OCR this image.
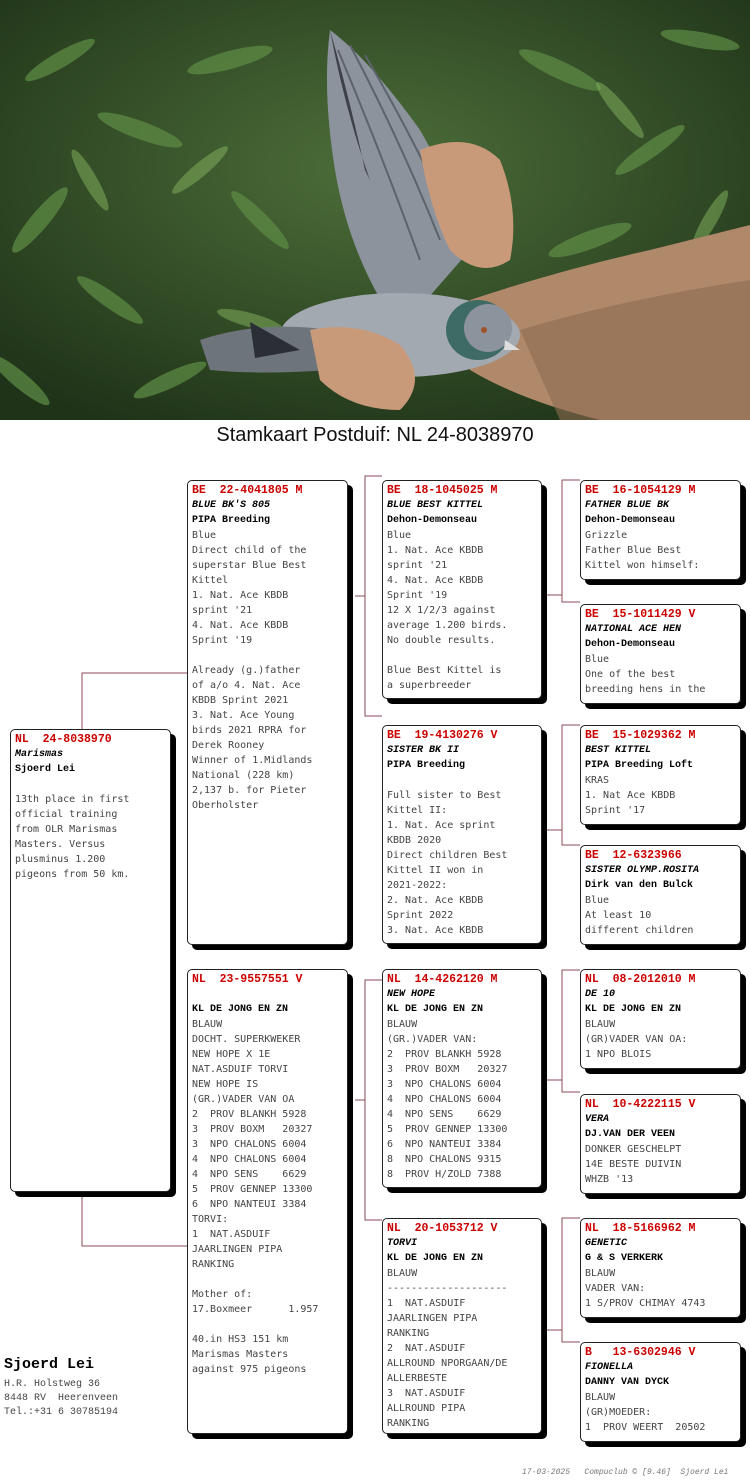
Stamkaart Postduif: NL 24-8038970
NL  24-8038970
Marismas
Sjoerd Lei

13th place in first
official training
from OLR Marismas
Masters. Versus
plusminus 1.200
pigeons from 50 km.
BE  22-4041805 M
BLUE BK'S 805
PIPA Breeding
Blue
Direct child of the
superstar Blue Best
Kittel
1. Nat. Ace KBDB
sprint '21
4. Nat. Ace KBDB
Sprint '19

Already (g.)father
of a/o 4. Nat. Ace
KBDB Sprint 2021
3. Nat. Ace Young
birds 2021 RPRA for
Derek Rooney
Winner of 1.Midlands
National (228 km)
2,137 b. for Pieter
Oberholster
NL  23-9557551 V
KL DE JONG EN ZN
BLAUW
DOCHT. SUPERKWEKER
NEW HOPE X 1E
NAT.ASDUIF TORVI
NEW HOPE IS
(GR.)VADER VAN OA
2  PROV BLANKH 5928
3  PROV BOXM   20327
3  NPO CHALONS 6004
4  NPO CHALONS 6004
4  NPO SENS    6629
5  PROV GENNEP 13300
6  NPO NANTEUI 3384
TORVI:
1  NAT.ASDUIF
JAARLINGEN PIPA
RANKING

Mother of:
17.Boxmeer      1.957

40.in HS3 151 km
Marismas Masters
against 975 pigeons
BE  18-1045025 M
BLUE BEST KITTEL
Dehon-Demonseau
Blue
1. Nat. Ace KBDB
sprint '21
4. Nat. Ace KBDB
Sprint '19
12 X 1/2/3 against
average 1.200 birds.
No double results.

Blue Best Kittel is
a superbreeder
BE  19-4130276 V
SISTER BK II
PIPA Breeding

Full sister to Best
Kittel II:
1. Nat. Ace sprint
KBDB 2020
Direct children Best
Kittel II won in
2021-2022:
2. Nat. Ace KBDB
Sprint 2022
3. Nat. Ace KBDB
NL  14-4262120 M
NEW HOPE
KL DE JONG EN ZN
BLAUW
(GR.)VADER VAN:
2  PROV BLANKH 5928
3  PROV BOXM   20327
3  NPO CHALONS 6004
4  NPO CHALONS 6004
4  NPO SENS    6629
5  PROV GENNEP 13300
6  NPO NANTEUI 3384
8  NPO CHALONS 9315
8  PROV H/ZOLD 7388
NL  20-1053712 V
TORVI
KL DE JONG EN ZN
BLAUW
--------------------
1  NAT.ASDUIF
JAARLINGEN PIPA
RANKING
2  NAT.ASDUIF
ALLROUND NPORGAAN/DE
ALLERBESTE
3  NAT.ASDUIF
ALLROUND PIPA
RANKING
BE  16-1054129 M
FATHER BLUE BK
Dehon-Demonseau
Grizzle
Father Blue Best
Kittel won himself:
BE  15-1011429 V
NATIONAL ACE HEN
Dehon-Demonseau
Blue
One of the best
breeding hens in the
BE  15-1029362 M
BEST KITTEL
PIPA Breeding Loft
KRAS
1. Nat Ace KBDB
Sprint '17
BE  12-6323966
SISTER OLYMP.ROSITA
Dirk van den Bulck
Blue
At least 10
different children
NL  08-2012010 M
DE 10
KL DE JONG EN ZN
BLAUW
(GR)VADER VAN OA:
1 NPO BLOIS
NL  10-4222115 V
VERA
DJ.VAN DER VEEN
DONKER GESCHELPT
14E BESTE DUIVIN
WHZB '13
NL  18-5166962 M
GENETIC
G & S VERKERK
BLAUW
VADER VAN:
1 S/PROV CHIMAY 4743
B   13-6302946 V
FIONELLA
DANNY VAN DYCK
BLAUW
(GR)MOEDER:
1  PROV WEERT  20502
Sjoerd Lei
H.R. Holstweg 36
8448 RV  Heerenveen
Tel.:+31 6 30785194
17-03-2025   Compuclub © [9.46]  Sjoerd Lei
